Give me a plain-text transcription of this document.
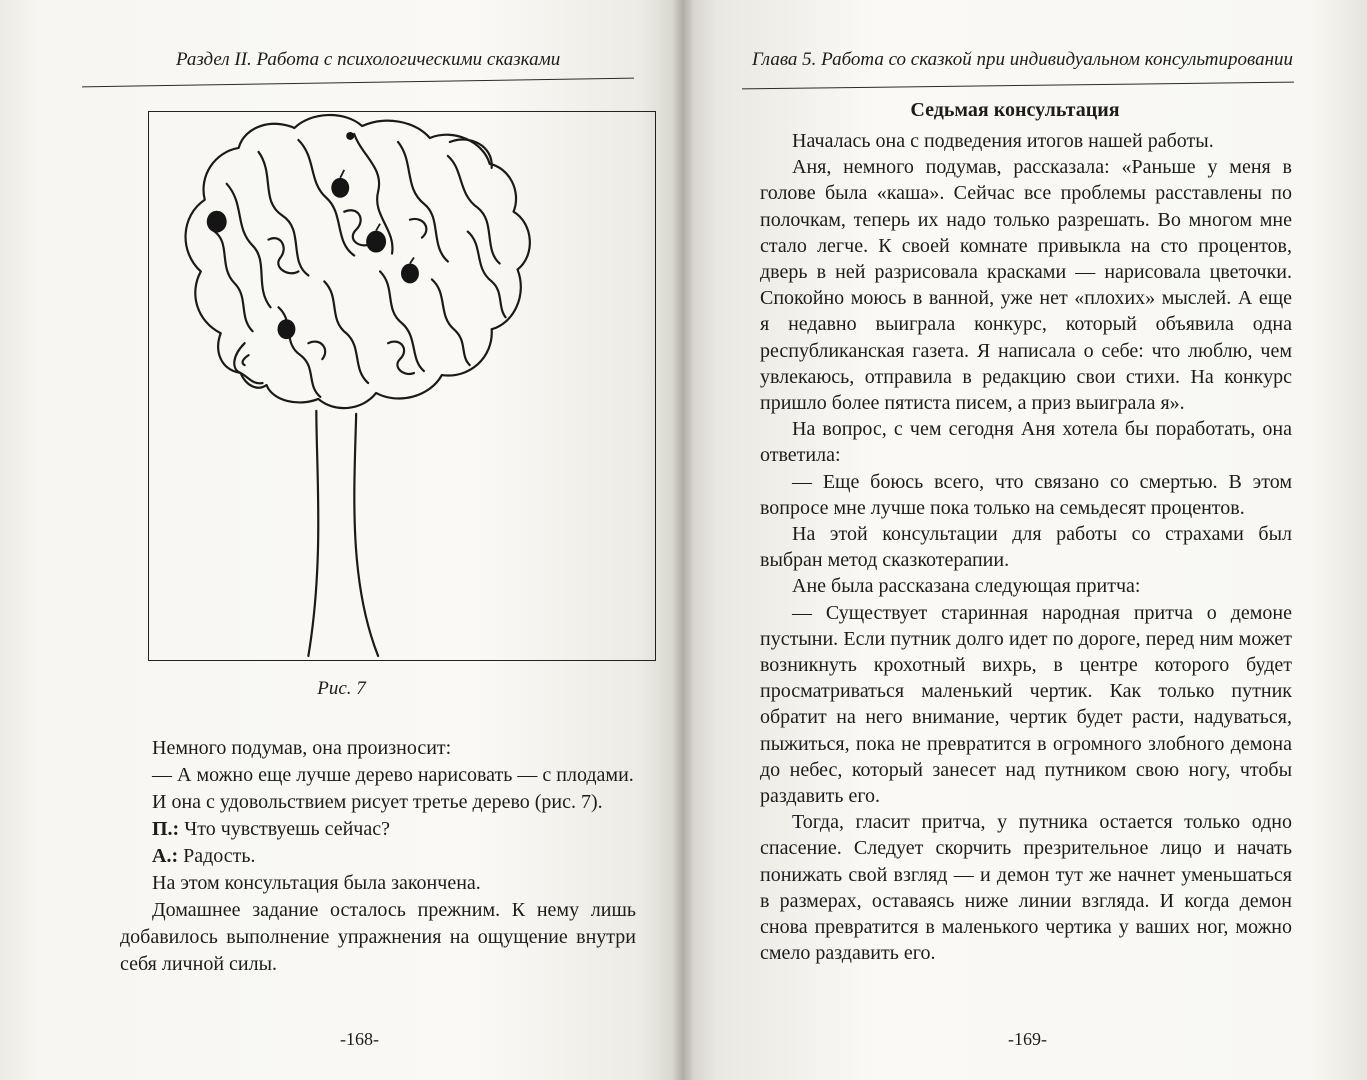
Раздел II. Работа с психологическими сказками
Рис. 7

Немного подумав, она произносит:

— А можно еще лучше дерево нарисовать — с плодами.

И она с удовольствием рисует третье дерево (рис. 7).

П.: Что чувствуешь сейчас?

А.: Радость.

На этом консультация была закончена.

Домашнее задание осталось прежним. К нему лишь добавилось выполнение упражнения на ощущение внутри себя личной силы.

-168-
Глава 5. Работа со сказкой при индивидуальном консультировании
Седьмая консультация

Началась она с подведения итогов нашей работы.

Аня, немного подумав, рассказала: «Раньше у меня в голове была «каша». Сейчас все проблемы расставлены по полочкам, теперь их надо только разрешать. Во многом мне стало легче. К своей комнате привыкла на сто процентов, дверь в ней разрисовала красками — нарисовала цветочки. Спокойно моюсь в ванной, уже нет «плохих» мыслей. А еще я недавно выиграла конкурс, который объявила одна республиканская газета. Я написала о себе: что люблю, чем увлекаюсь, отправила в редакцию свои стихи. На конкурс пришло более пятиста писем, а приз выиграла я».

На вопрос, с чем сегодня Аня хотела бы поработать, она ответила:

— Еще боюсь всего, что связано со смертью. В этом вопросе мне лучше пока только на семьдесят процентов.

На этой консультации для работы со страхами был выбран метод сказкотерапии.

Ане была рассказана следующая притча:

— Существует старинная народная притча о демоне пустыни. Если путник долго идет по дороге, перед ним может возникнуть крохотный вихрь, в центре которого будет просматриваться маленький чертик. Как только путник обратит на него внимание, чертик будет расти, надуваться, пыжиться, пока не превратится в огромного злобного демона до небес, который занесет над путником свою ногу, чтобы раздавить его.

Тогда, гласит притча, у путника остается только одно спасение. Следует скорчить презрительное лицо и начать понижать свой взгляд — и демон тут же начнет уменьшаться в размерах, оставаясь ниже линии взгляда. И когда демон снова превратится в маленького чертика у ваших ног, можно смело раздавить его.

-169-
